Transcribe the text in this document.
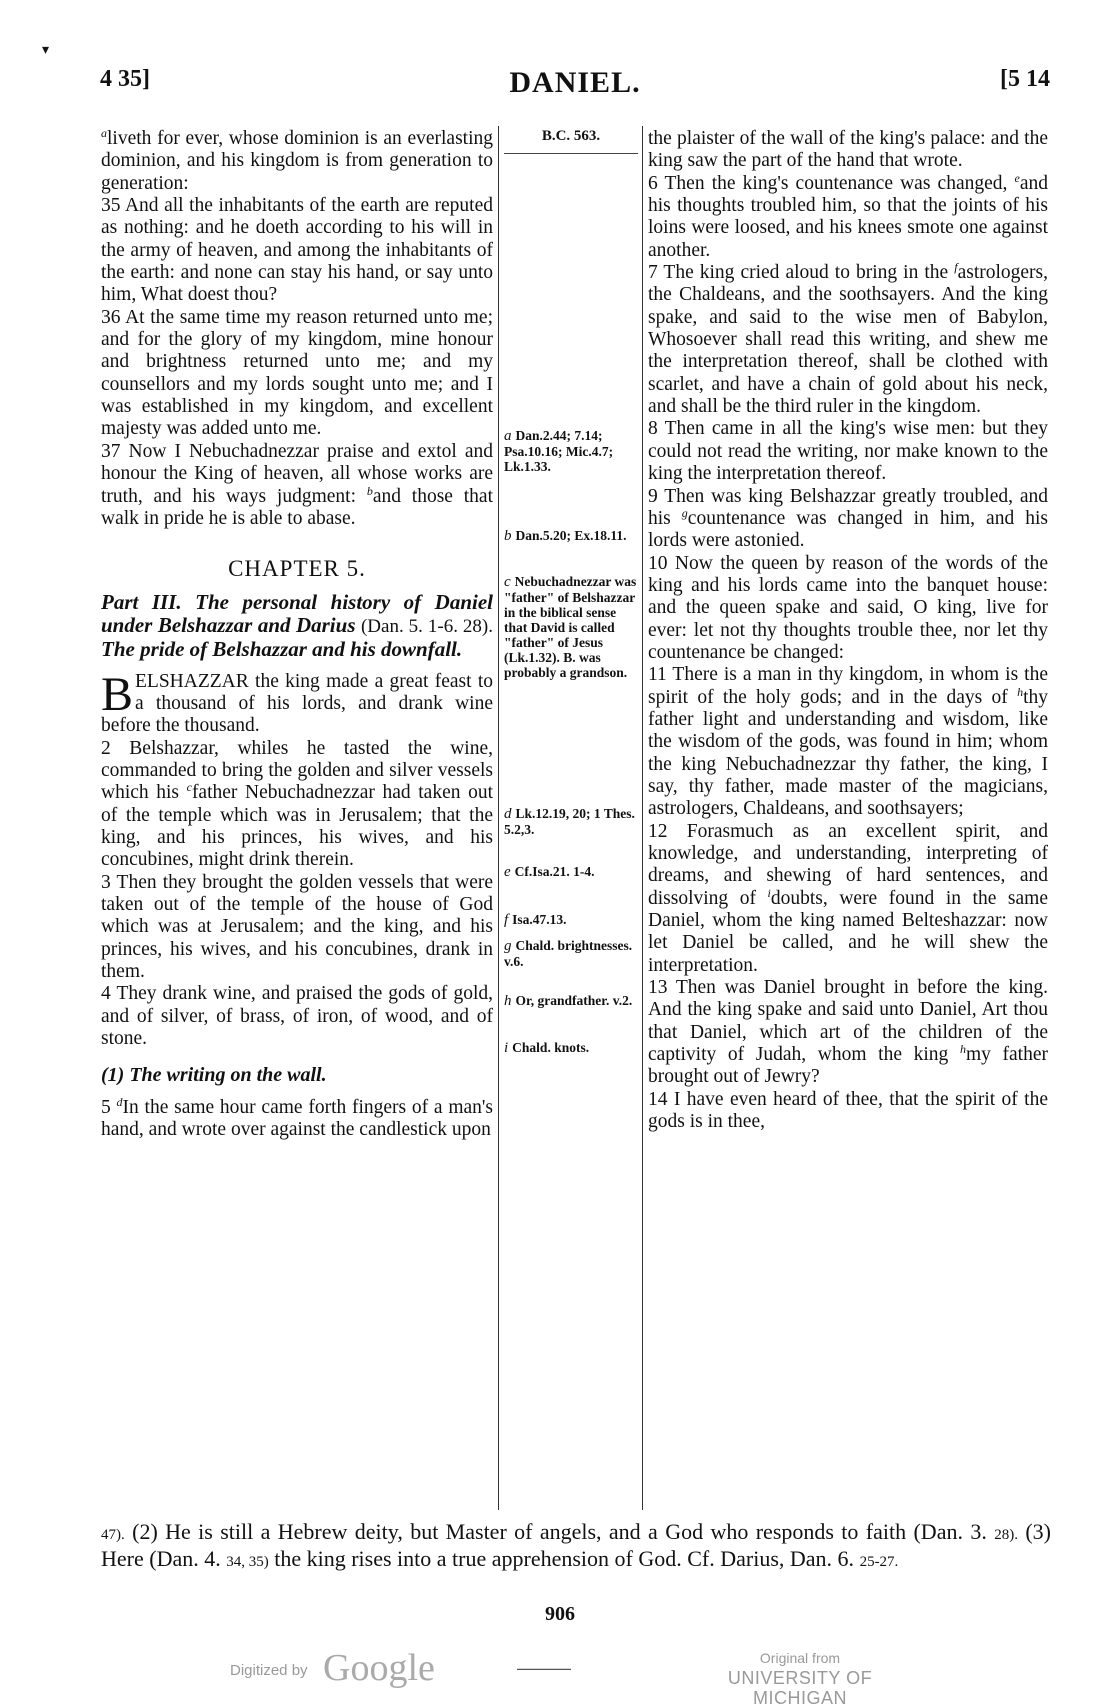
▾
4 35]	DANIEL.	[5 14

$^a$liveth for ever, whose dominion is an everlasting dominion, and his kingdom is from generation to generation:

35 And all the inhabitants of the earth are reputed as nothing: and he doeth according to his will in the army of heaven, and among the inhabitants of the earth: and none can stay his hand, or say unto him, What doest thou?

36 At the same time my reason returned unto me; and for the glory of my kingdom, mine honour and brightness returned unto me; and my counsellors and my lords sought unto me; and I was established in my kingdom, and excellent majesty was added unto me.

37 Now I Nebuchadnezzar praise and extol and honour the King of heaven, all whose works are truth, and his ways judgment: $^b$and those that walk in pride he is able to abase.

CHAPTER 5.
Part III. The personal history of Daniel under Belshazzar and Darius (Dan. 5. 1-6. 28). The pride of Belshazzar and his downfall.

BELSHAZZAR the king made a great feast to a thousand of his lords, and drank wine before the thousand.

2 Belshazzar, whiles he tasted the wine, commanded to bring the golden and silver vessels which his $^c$father Nebuchadnezzar had taken out of the temple which was in Jerusalem; that the king, and his princes, his wives, and his concubines, might drink therein.

3 Then they brought the golden vessels that were taken out of the temple of the house of God which was at Jerusalem; and the king, and his princes, his wives, and his concubines, drank in them.

4 They drank wine, and praised the gods of gold, and of silver, of brass, of iron, of wood, and of stone.

(1) The writing on the wall.

5 $^d$In the same hour came forth fingers of a man's hand, and wrote over against the candlestick upon

B.C. 563.
a Dan.2.44; 7.14; Psa.10.16; Mic.4.7; Lk.1.33.
b Dan.5.20; Ex.18.11.
c Nebuchadnezzar was "father" of Belshazzar in the biblical sense that David is called "father" of Jesus (Lk.1.32). B. was probably a grandson.
d Lk.12.19, 20; 1 Thes. 5.2,3.
e Cf.Isa.21. 1-4.
f Isa.47.13.
g Chald. brightnesses. v.6.
h Or, grandfather. v.2.
i Chald. knots.

the plaister of the wall of the king's palace: and the king saw the part of the hand that wrote.

6 Then the king's countenance was changed, $^e$and his thoughts troubled him, so that the joints of his loins were loosed, and his knees smote one against another.

7 The king cried aloud to bring in the $^f$astrologers, the Chaldeans, and the soothsayers. And the king spake, and said to the wise men of Babylon, Whosoever shall read this writing, and shew me the interpretation thereof, shall be clothed with scarlet, and have a chain of gold about his neck, and shall be the third ruler in the kingdom.

8 Then came in all the king's wise men: but they could not read the writing, nor make known to the king the interpretation thereof.

9 Then was king Belshazzar greatly troubled, and his $^g$countenance was changed in him, and his lords were astonied.

10 Now the queen by reason of the words of the king and his lords came into the banquet house: and the queen spake and said, O king, live for ever: let not thy thoughts trouble thee, nor let thy countenance be changed:

11 There is a man in thy kingdom, in whom is the spirit of the holy gods; and in the days of $^h$thy father light and understanding and wisdom, like the wisdom of the gods, was found in him; whom the king Nebuchadnezzar thy father, the king, I say, thy father, made master of the magicians, astrologers, Chaldeans, and soothsayers;

12 Forasmuch as an excellent spirit, and knowledge, and understanding, interpreting of dreams, and shewing of hard sentences, and dissolving of $^i$doubts, were found in the same Daniel, whom the king named Belteshazzar: now let Daniel be called, and he will shew the interpretation.

13 Then was Daniel brought in before the king. And the king spake and said unto Daniel, Art thou that Daniel, which art of the children of the captivity of Judah, whom the king $^h$my father brought out of Jewry?

14 I have even heard of thee, that the spirit of the gods is in thee,

47). (2) He is still a Hebrew deity, but Master of angels, and a God who responds to faith (Dan. 3. 28). (3) Here (Dan. 4. 34, 35) the king rises into a true apprehension of God. Cf. Darius, Dan. 6. 25-27.
906
Digitized by Google	———	Original from
UNIVERSITY OF MICHIGAN
